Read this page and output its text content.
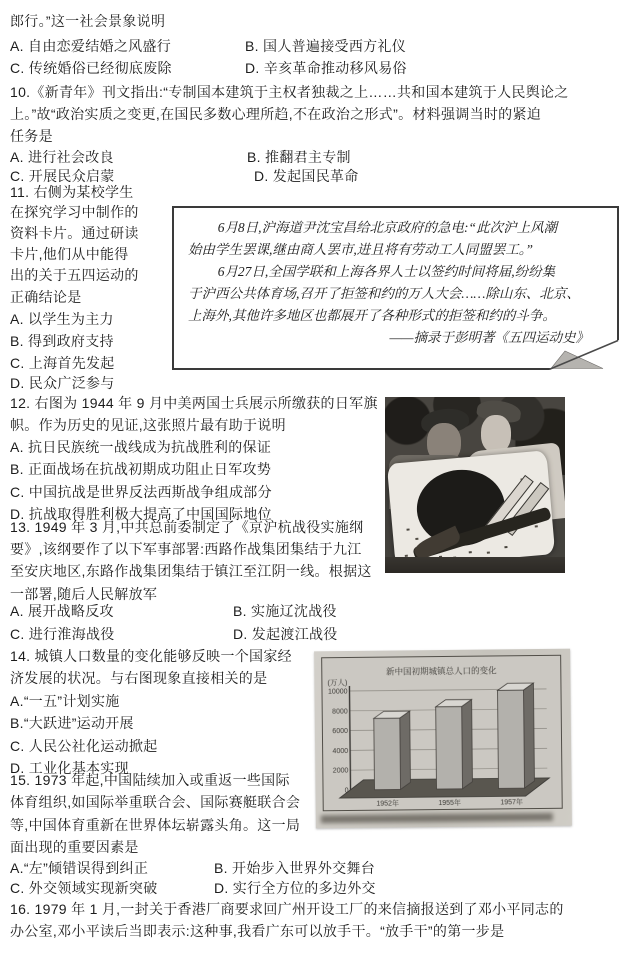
郎行。”这一社会景象说明
A. 自由恋爱结婚之风盛行	B. 国人普遍接受西方礼仪
C. 传统婚俗已经彻底废除	D. 辛亥革命推动移风易俗
10.《新青年》刊文指出:“专制国本建筑于主权者独裁之上……共和国本建筑于人民舆论之
上。”故“政治实质之变更,在国民多数心理所趋,不在政治之形式”。材料强调当时的紧迫
任务是
A. 进行社会改良	B. 推翻君主专制
C. 开展民众启蒙	D. 发起国民革命
11. 右侧为某校学生
在探究学习中制作的
资料卡片。通过研读
卡片,他们从中能得
出的关于五四运动的
正确结论是
A. 以学生为主力
B. 得到政府支持
C. 上海首先发起
D. 民众广泛参与
6月8日,沪海道尹沈宝昌给北京政府的急电:“此次沪上风潮
始由学生罢课,继由商人罢市,进且将有劳动工人同盟罢工。”
6月27日,全国学联和上海各界人士以签约时间将届,纷纷集
于沪西公共体育场,召开了拒签和约的万人大会……除山东、北京、
上海外,其他许多地区也都展开了各种形式的拒签和约的斗争。
——摘录于彭明著《五四运动史》
12. 右图为 1944 年 9 月中美两国士兵展示所缴获的日军旗
帜。作为历史的见证,这张照片最有助于说明
A. 抗日民族统一战线成为抗战胜利的保证
B. 正面战场在抗战初期成功阻止日军攻势
C. 中国抗战是世界反法西斯战争组成部分
D. 抗战取得胜利极大提高了中国国际地位
13. 1949 年 3 月,中共总前委制定了《京沪杭战役实施纲
要》,该纲要作了以下军事部署:西路作战集团集结于九江
至安庆地区,东路作战集团集结于镇江至江阴一线。根据这
一部署,随后人民解放军
A. 展开战略反攻	B. 实施辽沈战役
C. 进行淮海战役	D. 发起渡江战役
14. 城镇人口数量的变化能够反映一个国家经
济发展的状况。与右图现象直接相关的是
A.“一五”计划实施
B.“大跃进”运动开展
C. 人民公社化运动掀起
D. 工业化基本实现
新中国初期城镇总人口的变化
(万人)
10000
8000
6000
4000
2000
0
1952年	1955年	1957年
15. 1973 年起,中国陆续加入或重返一些国际
体育组织,如国际举重联合会、国际赛艇联合会
等,中国体育重新在世界体坛崭露头角。这一局
面出现的重要因素是
A.“左”倾错误得到纠正	B. 开始步入世界外交舞台
C. 外交领域实现新突破	D. 实行全方位的多边外交
16. 1979 年 1 月,一封关于香港厂商要求回广州开设工厂的来信摘报送到了邓小平同志的
办公室,邓小平读后当即表示:这种事,我看广东可以放手干。“放手干”的第一步是
